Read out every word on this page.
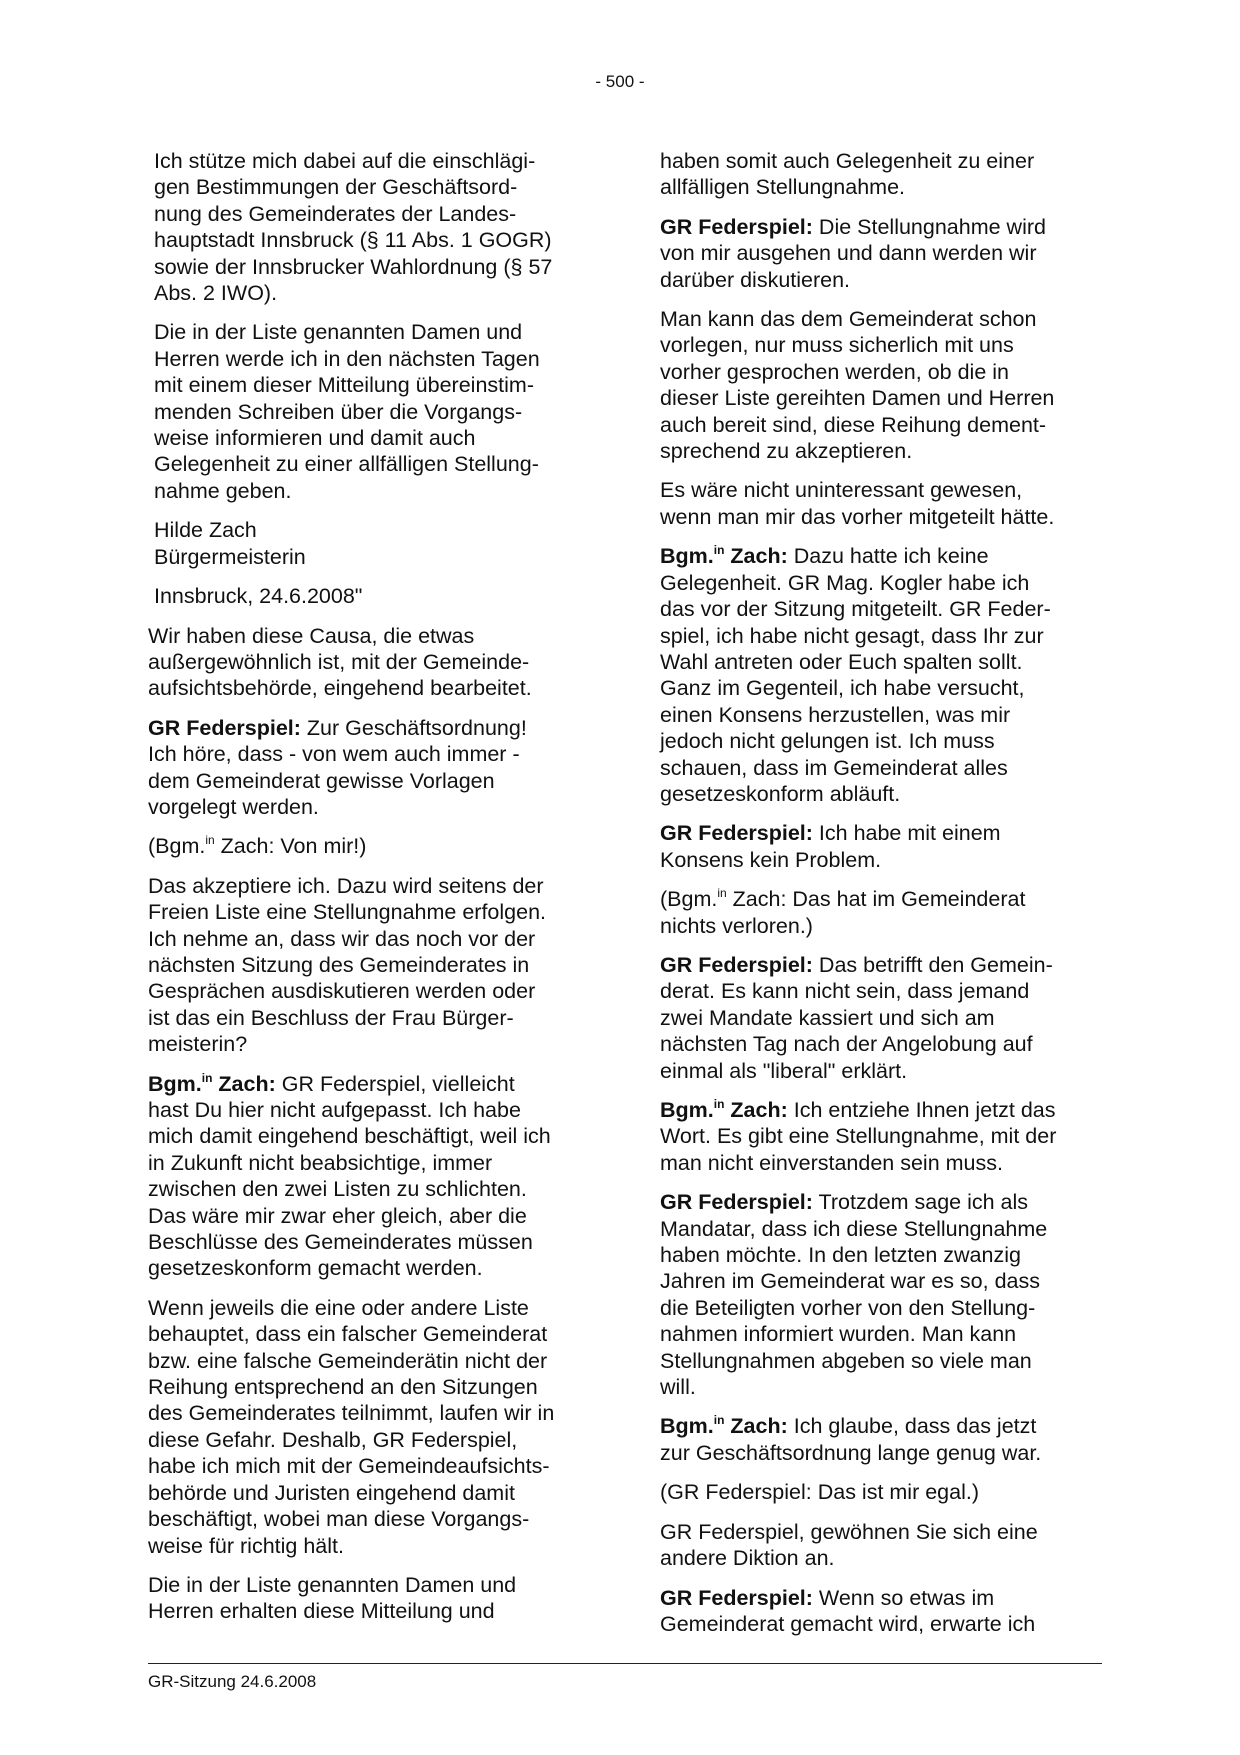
- 500 -

Ich stütze mich dabei auf die einschlägi-
gen Bestimmungen der Geschäftsord-
nung des Gemeinderates der Landes-
hauptstadt Innsbruck (§ 11 Abs. 1 GOGR)
sowie der Innsbrucker Wahlordnung (§ 57
Abs. 2 IWO).

Die in der Liste genannten Damen und
Herren werde ich in den nächsten Tagen
mit einem dieser Mitteilung übereinstim-
menden Schreiben über die Vorgangs-
weise informieren und damit auch
Gelegenheit zu einer allfälligen Stellung-
nahme geben.

Hilde Zach
Bürgermeisterin

Innsbruck, 24.6.2008"

Wir haben diese Causa, die etwas
außergewöhnlich ist, mit der Gemeinde-
aufsichtsbehörde, eingehend bearbeitet.

GR Federspiel: Zur Geschäftsordnung!
Ich höre, dass - von wem auch immer -
dem Gemeinderat gewisse Vorlagen
vorgelegt werden.

(Bgm.$^{in}$ Zach: Von mir!)

Das akzeptiere ich. Dazu wird seitens der
Freien Liste eine Stellungnahme erfolgen.
Ich nehme an, dass wir das noch vor der
nächsten Sitzung des Gemeinderates in
Gesprächen ausdiskutieren werden oder
ist das ein Beschluss der Frau Bürger-
meisterin?

Bgm.$^{in}$ Zach: GR Federspiel, vielleicht
hast Du hier nicht aufgepasst. Ich habe
mich damit eingehend beschäftigt, weil ich
in Zukunft nicht beabsichtige, immer
zwischen den zwei Listen zu schlichten.
Das wäre mir zwar eher gleich, aber die
Beschlüsse des Gemeinderates müssen
gesetzeskonform gemacht werden.

Wenn jeweils die eine oder andere Liste
behauptet, dass ein falscher Gemeinderat
bzw. eine falsche Gemeinderätin nicht der
Reihung entsprechend an den Sitzungen
des Gemeinderates teilnimmt, laufen wir in
diese Gefahr. Deshalb, GR Federspiel,
habe ich mich mit der Gemeindeaufsichts-
behörde und Juristen eingehend damit
beschäftigt, wobei man diese Vorgangs-
weise für richtig hält.

Die in der Liste genannten Damen und
Herren erhalten diese Mitteilung und

haben somit auch Gelegenheit zu einer
allfälligen Stellungnahme.

GR Federspiel: Die Stellungnahme wird
von mir ausgehen und dann werden wir
darüber diskutieren.

Man kann das dem Gemeinderat schon
vorlegen, nur muss sicherlich mit uns
vorher gesprochen werden, ob die in
dieser Liste gereihten Damen und Herren
auch bereit sind, diese Reihung dement-
sprechend zu akzeptieren.

Es wäre nicht uninteressant gewesen,
wenn man mir das vorher mitgeteilt hätte.

Bgm.$^{in}$ Zach: Dazu hatte ich keine
Gelegenheit. GR Mag. Kogler habe ich
das vor der Sitzung mitgeteilt. GR Feder-
spiel, ich habe nicht gesagt, dass Ihr zur
Wahl antreten oder Euch spalten sollt.
Ganz im Gegenteil, ich habe versucht,
einen Konsens herzustellen, was mir
jedoch nicht gelungen ist. Ich muss
schauen, dass im Gemeinderat alles
gesetzeskonform abläuft.

GR Federspiel: Ich habe mit einem
Konsens kein Problem.

(Bgm.$^{in}$ Zach: Das hat im Gemeinderat
nichts verloren.)

GR Federspiel: Das betrifft den Gemein-
derat. Es kann nicht sein, dass jemand
zwei Mandate kassiert und sich am
nächsten Tag nach der Angelobung auf
einmal als "liberal" erklärt.

Bgm.$^{in}$ Zach: Ich entziehe Ihnen jetzt das
Wort. Es gibt eine Stellungnahme, mit der
man nicht einverstanden sein muss.

GR Federspiel: Trotzdem sage ich als
Mandatar, dass ich diese Stellungnahme
haben möchte. In den letzten zwanzig
Jahren im Gemeinderat war es so, dass
die Beteiligten vorher von den Stellung-
nahmen informiert wurden. Man kann
Stellungnahmen abgeben so viele man
will.

Bgm.$^{in}$ Zach: Ich glaube, dass das jetzt
zur Geschäftsordnung lange genug war.

(GR Federspiel: Das ist mir egal.)

GR Federspiel, gewöhnen Sie sich eine
andere Diktion an.

GR Federspiel: Wenn so etwas im
Gemeinderat gemacht wird, erwarte ich

GR-Sitzung 24.6.2008
